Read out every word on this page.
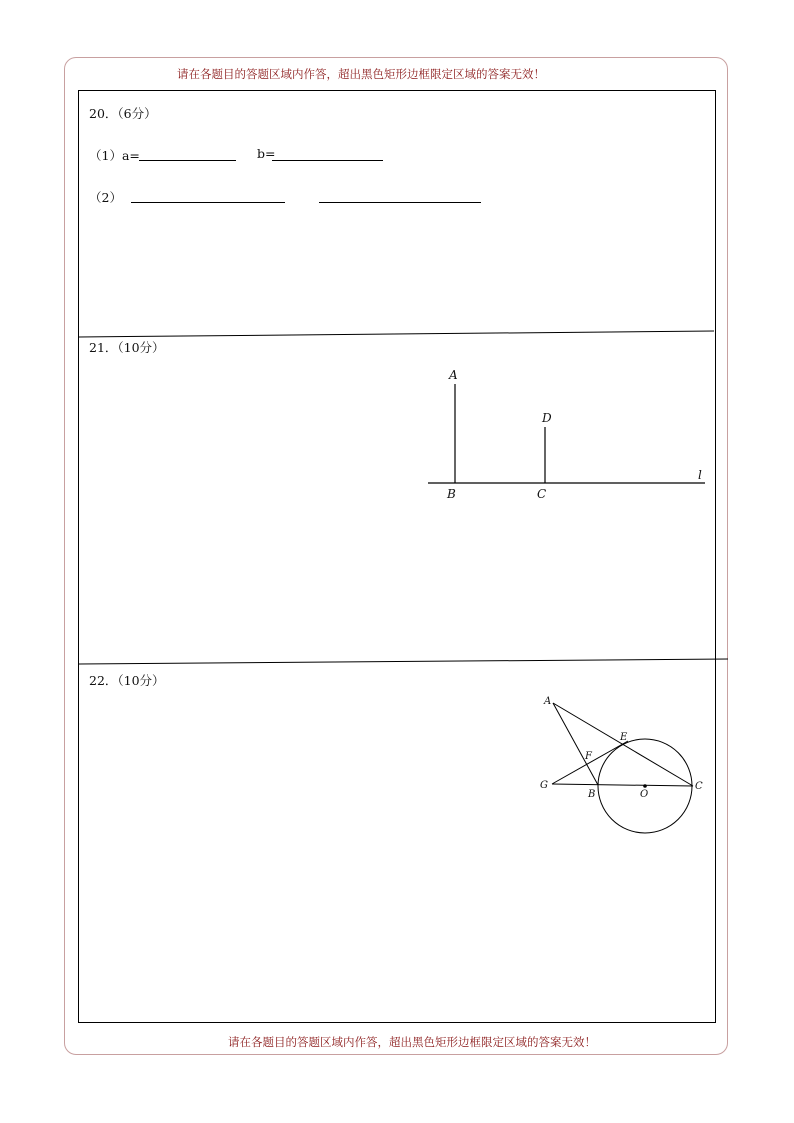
请在各题目的答题区域内作答，超出黑色矩形边框限定区域的答案无效！
20．（6分）
（1）a=	b=
（2）
21．（10分）
22．（10分）
A
B	C
D
l
A
E
F
G
B	O
C
请在各题目的答题区域内作答，超出黑色矩形边框限定区域的答案无效！
